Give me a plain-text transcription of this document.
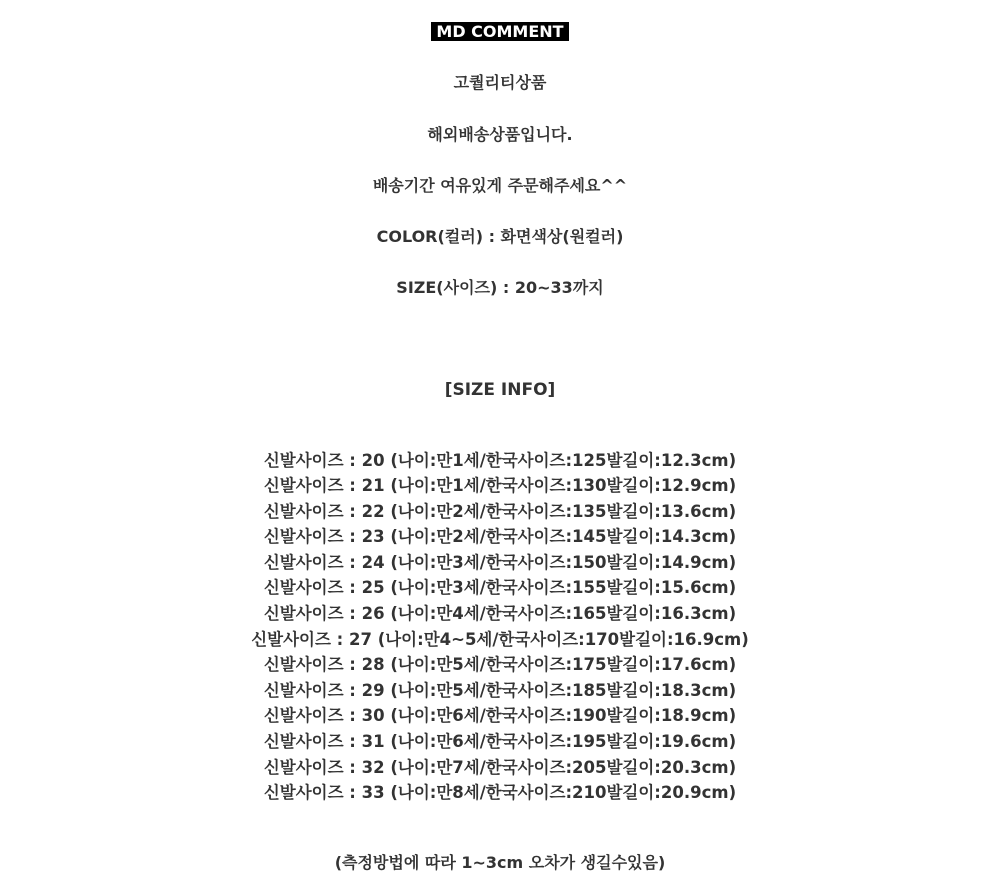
MD COMMENT
고퀄리티상품
해외배송상품입니다.
배송기간 여유있게 주문해주세요^^
COLOR(컬러) : 화면색상(원컬러)
SIZE(사이즈) : 20~33까지
[SIZE INFO]
신발사이즈 : 20 (나이:만1세/한국사이즈:125발길이:12.3cm)
신발사이즈 : 21 (나이:만1세/한국사이즈:130발길이:12.9cm)
신발사이즈 : 22 (나이:만2세/한국사이즈:135발길이:13.6cm)
신발사이즈 : 23 (나이:만2세/한국사이즈:145발길이:14.3cm)
신발사이즈 : 24 (나이:만3세/한국사이즈:150발길이:14.9cm)
신발사이즈 : 25 (나이:만3세/한국사이즈:155발길이:15.6cm)
신발사이즈 : 26 (나이:만4세/한국사이즈:165발길이:16.3cm)
신발사이즈 : 27 (나이:만4~5세/한국사이즈:170발길이:16.9cm)
신발사이즈 : 28 (나이:만5세/한국사이즈:175발길이:17.6cm)
신발사이즈 : 29 (나이:만5세/한국사이즈:185발길이:18.3cm)
신발사이즈 : 30 (나이:만6세/한국사이즈:190발길이:18.9cm)
신발사이즈 : 31 (나이:만6세/한국사이즈:195발길이:19.6cm)
신발사이즈 : 32 (나이:만7세/한국사이즈:205발길이:20.3cm)
신발사이즈 : 33 (나이:만8세/한국사이즈:210발길이:20.9cm)
(측정방법에 따라 1~3cm 오차가 생길수있음)
